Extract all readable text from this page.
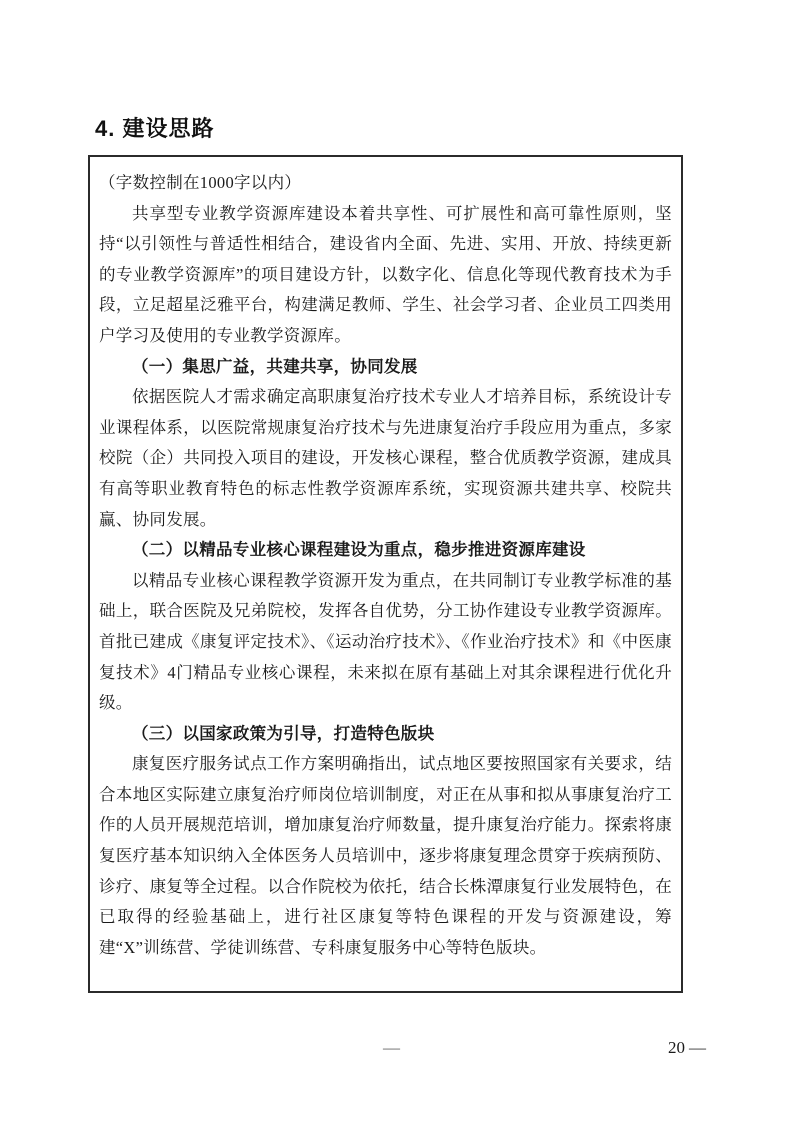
4. 建设思路

（字数控制在1000字以内）

共享型专业教学资源库建设本着共享性、可扩展性和高可靠性原则，坚持“以引领性与普适性相结合，建设省内全面、先进、实用、开放、持续更新的专业教学资源库”的项目建设方针，以数字化、信息化等现代教育技术为手段，立足超星泛雅平台，构建满足教师、学生、社会学习者、企业员工四类用户学习及使用的专业教学资源库。

（一）集思广益，共建共享，协同发展

依据医院人才需求确定高职康复治疗技术专业人才培养目标，系统设计专业课程体系，以医院常规康复治疗技术与先进康复治疗手段应用为重点，多家校院（企）共同投入项目的建设，开发核心课程，整合优质教学资源，建成具有高等职业教育特色的标志性教学资源库系统，实现资源共建共享、校院共赢、协同发展。

（二）以精品专业核心课程建设为重点，稳步推进资源库建设

以精品专业核心课程教学资源开发为重点，在共同制订专业教学标准的基础上，联合医院及兄弟院校，发挥各自优势，分工协作建设专业教学资源库。首批已建成《康复评定技术》、《运动治疗技术》、《作业治疗技术》和《中医康复技术》4门精品专业核心课程，未来拟在原有基础上对其余课程进行优化升级。

（三）以国家政策为引导，打造特色版块

康复医疗服务试点工作方案明确指出，试点地区要按照国家有关要求，结合本地区实际建立康复治疗师岗位培训制度，对正在从事和拟从事康复治疗工作的人员开展规范培训，增加康复治疗师数量，提升康复治疗能力。探索将康复医疗基本知识纳入全体医务人员培训中，逐步将康复理念贯穿于疾病预防、诊疗、康复等全过程。以合作院校为依托，结合长株潭康复行业发展特色，在已取得的经验基础上，进行社区康复等特色课程的开发与资源建设，筹建“X”训练营、学徒训练营、专科康复服务中心等特色版块。

—	20 —
